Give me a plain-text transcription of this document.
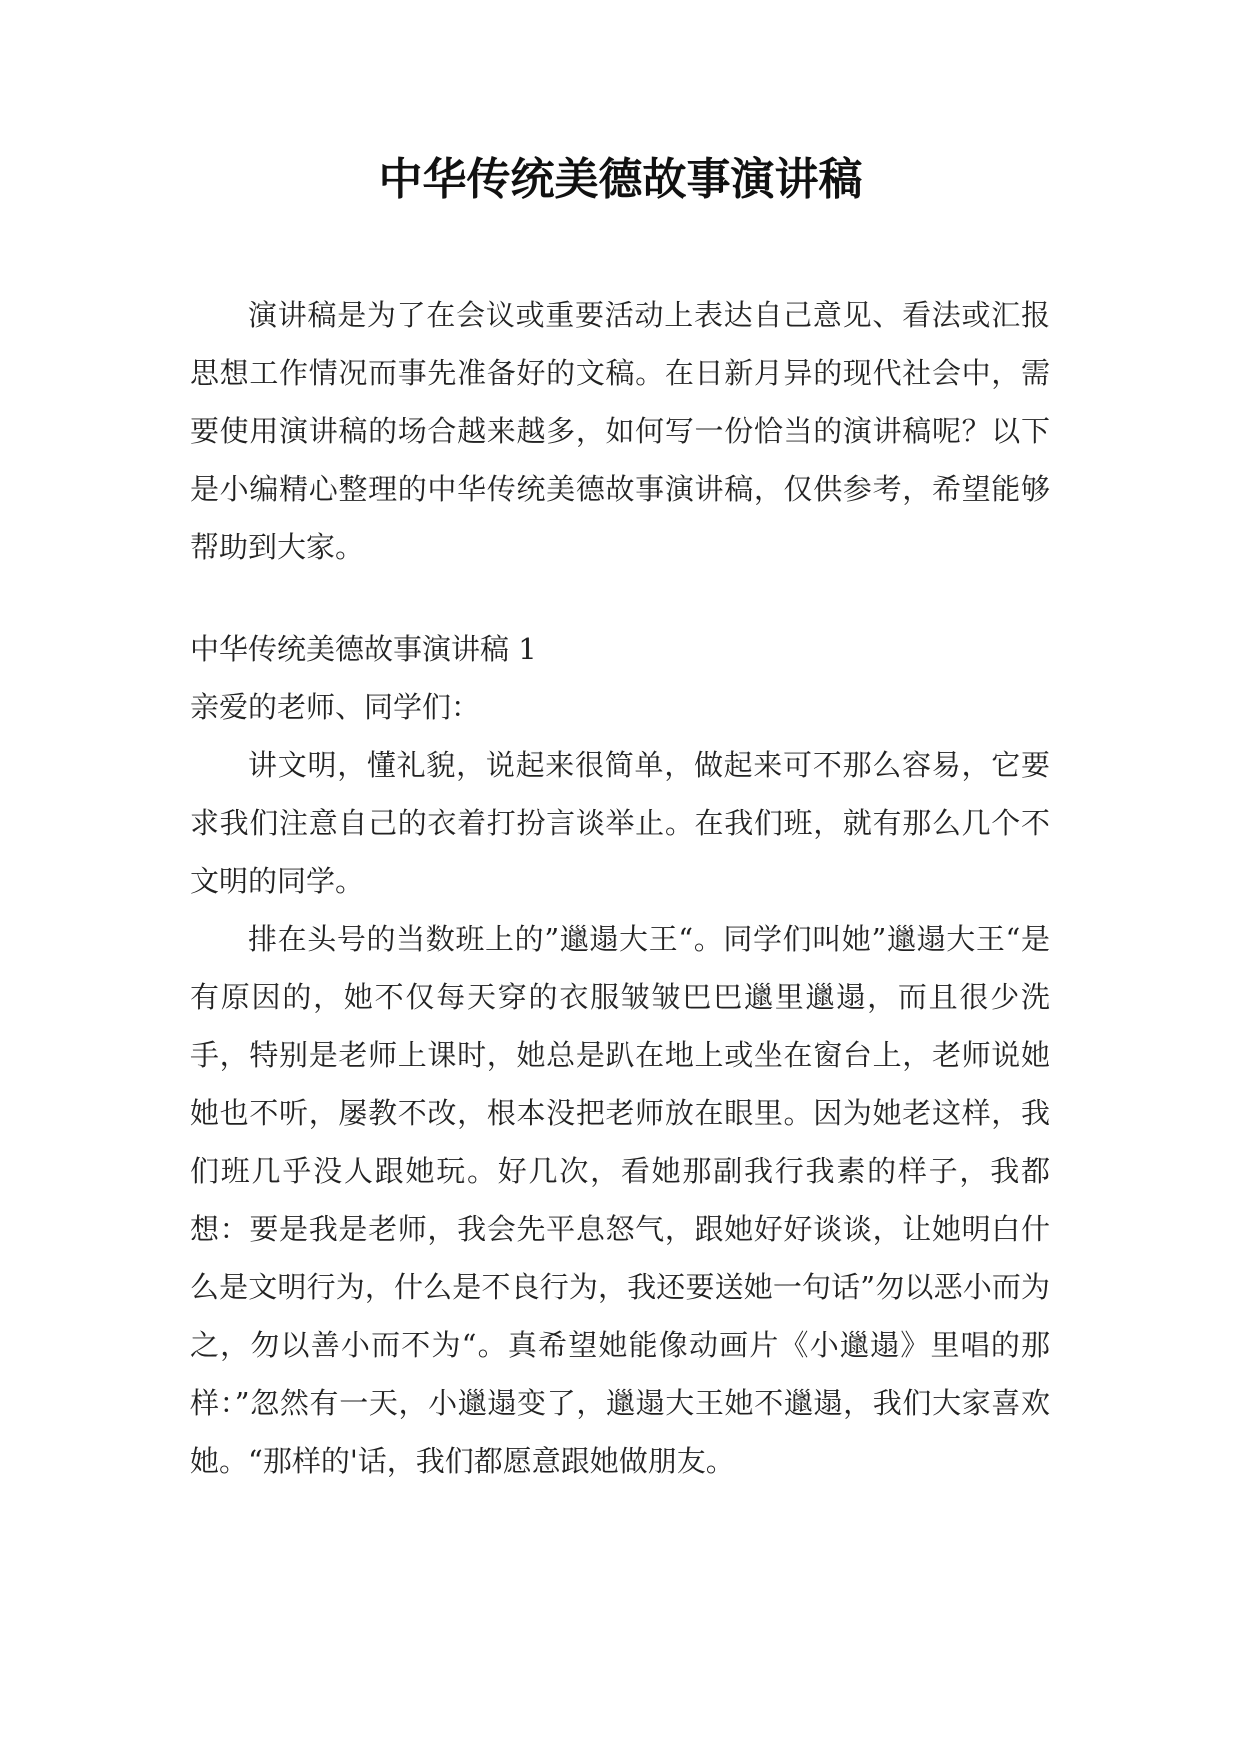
中华传统美德故事演讲稿

演讲稿是为了在会议或重要活动上表达自己意见、看法或汇报思想工作情况而事先准备好的文稿。在日新月异的现代社会中，需要使用演讲稿的场合越来越多，如何写一份恰当的演讲稿呢？以下是小编精心整理的中华传统美德故事演讲稿，仅供参考，希望能够帮助到大家。

中华传统美德故事演讲稿 1

亲爱的老师、同学们：

讲文明，懂礼貌，说起来很简单，做起来可不那么容易，它要求我们注意自己的衣着打扮言谈举止。在我们班，就有那么几个不文明的同学。

排在头号的当数班上的”邋遢大王“。同学们叫她”邋遢大王“是有原因的，她不仅每天穿的衣服皱皱巴巴邋里邋遢，而且很少洗手，特别是老师上课时，她总是趴在地上或坐在窗台上，老师说她她也不听，屡教不改，根本没把老师放在眼里。因为她老这样，我们班几乎没人跟她玩。好几次，看她那副我行我素的样子，我都想：要是我是老师，我会先平息怒气，跟她好好谈谈，让她明白什么是文明行为，什么是不良行为，我还要送她一句话”勿以恶小而为之，勿以善小而不为“。真希望她能像动画片《小邋遢》里唱的那样：”忽然有一天，小邋遢变了，邋遢大王她不邋遢，我们大家喜欢她。“那样的'话，我们都愿意跟她做朋友。
